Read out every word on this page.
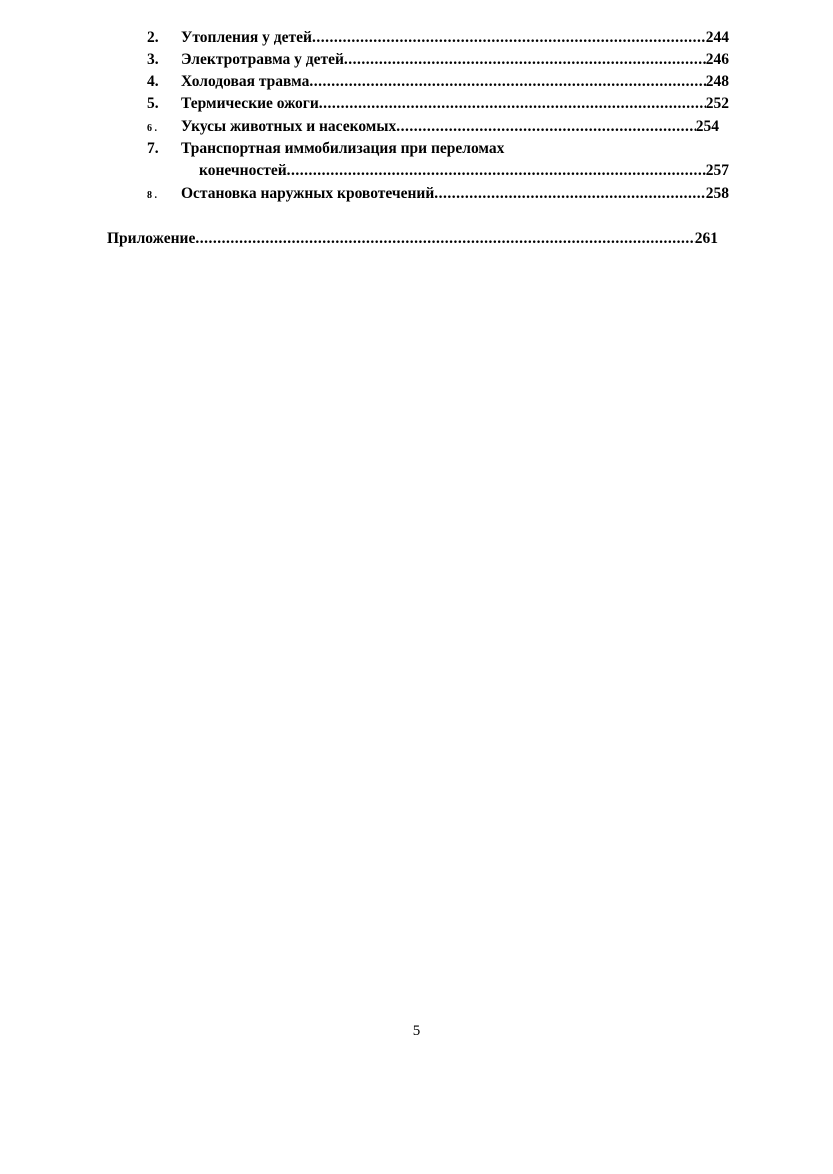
2. Утопления у детей .....	244
3. Электротравма у детей .....	246
4. Холодовая травма .....	248
5. Термические ожоги .....	252
6 . Укусы животных и насекомых .....	254
7. Транспортная иммобилизация при переломах
конечностей .....	257
8 . Остановка наружных кровотечений .....	258
Приложение .....	261
5
